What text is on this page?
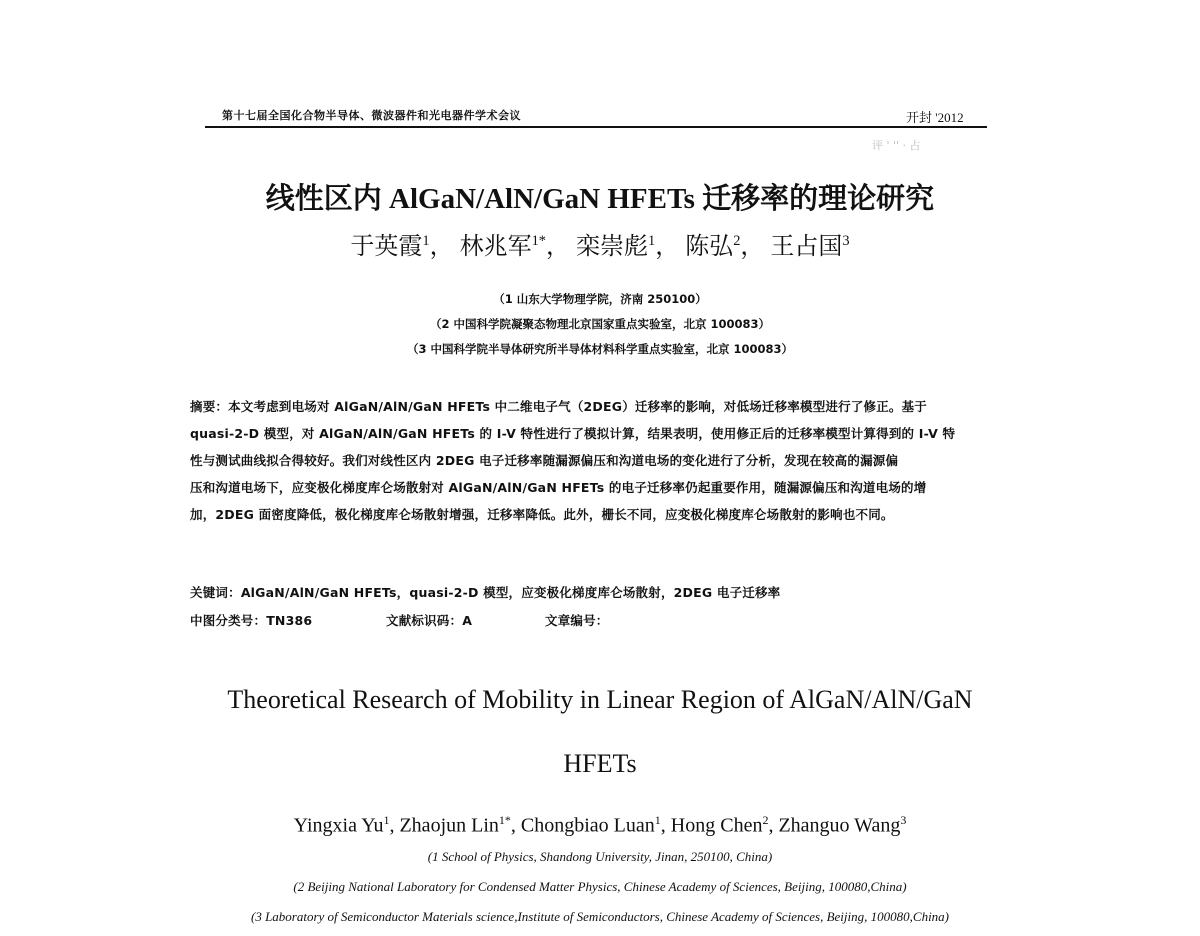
第十七届全国化合物半导体、微波器件和光电器件学术会议	开封 '2012
评 ' '' · 占
线性区内 AlGaN/AlN/GaN HFETs 迁移率的理论研究
于英霞$^1$， 林兆军$^{1*}$， 栾崇彪$^1$， 陈弘$^2$， 王占国$^3$
（1 山东大学物理学院，济南 250100）
（2 中国科学院凝聚态物理北京国家重点实验室，北京 100083）
（3 中国科学院半导体研究所半导体材料科学重点实验室，北京 100083）
摘要：本文考虑到电场对 AlGaN/AlN/GaN HFETs 中二维电子气（2DEG）迁移率的影响，对低场迁移率模型进行了修正。基于
quasi-2-D 模型，对 AlGaN/AlN/GaN HFETs 的 I-V 特性进行了模拟计算，结果表明，使用修正后的迁移率模型计算得到的 I-V 特
性与测试曲线拟合得较好。我们对线性区内 2DEG 电子迁移率随漏源偏压和沟道电场的变化进行了分析，发现在较高的漏源偏
压和沟道电场下，应变极化梯度库仑场散射对 AlGaN/AlN/GaN HFETs 的电子迁移率仍起重要作用，随漏源偏压和沟道电场的增
加，2DEG 面密度降低，极化梯度库仑场散射增强，迁移率降低。此外，栅长不同，应变极化梯度库仑场散射的影响也不同。
关键词：AlGaN/AlN/GaN HFETs，quasi-2-D 模型，应变极化梯度库仑场散射，2DEG 电子迁移率
中图分类号：TN386	文献标识码：A	文章编号：
Theoretical Research of Mobility in Linear Region of AlGaN/AlN/GaN
HFETs
Yingxia Yu$^1$, Zhaojun Lin$^{1*}$, Chongbiao Luan$^1$, Hong Chen$^2$, Zhanguo Wang$^3$
(1 School of Physics, Shandong University, Jinan, 250100, China)
(2 Beijing National Laboratory for Condensed Matter Physics, Chinese Academy of Sciences, Beijing, 100080,China)
(3 Laboratory of Semiconductor Materials science,Institute of Semiconductors, Chinese Academy of Sciences, Beijing, 100080,China)
